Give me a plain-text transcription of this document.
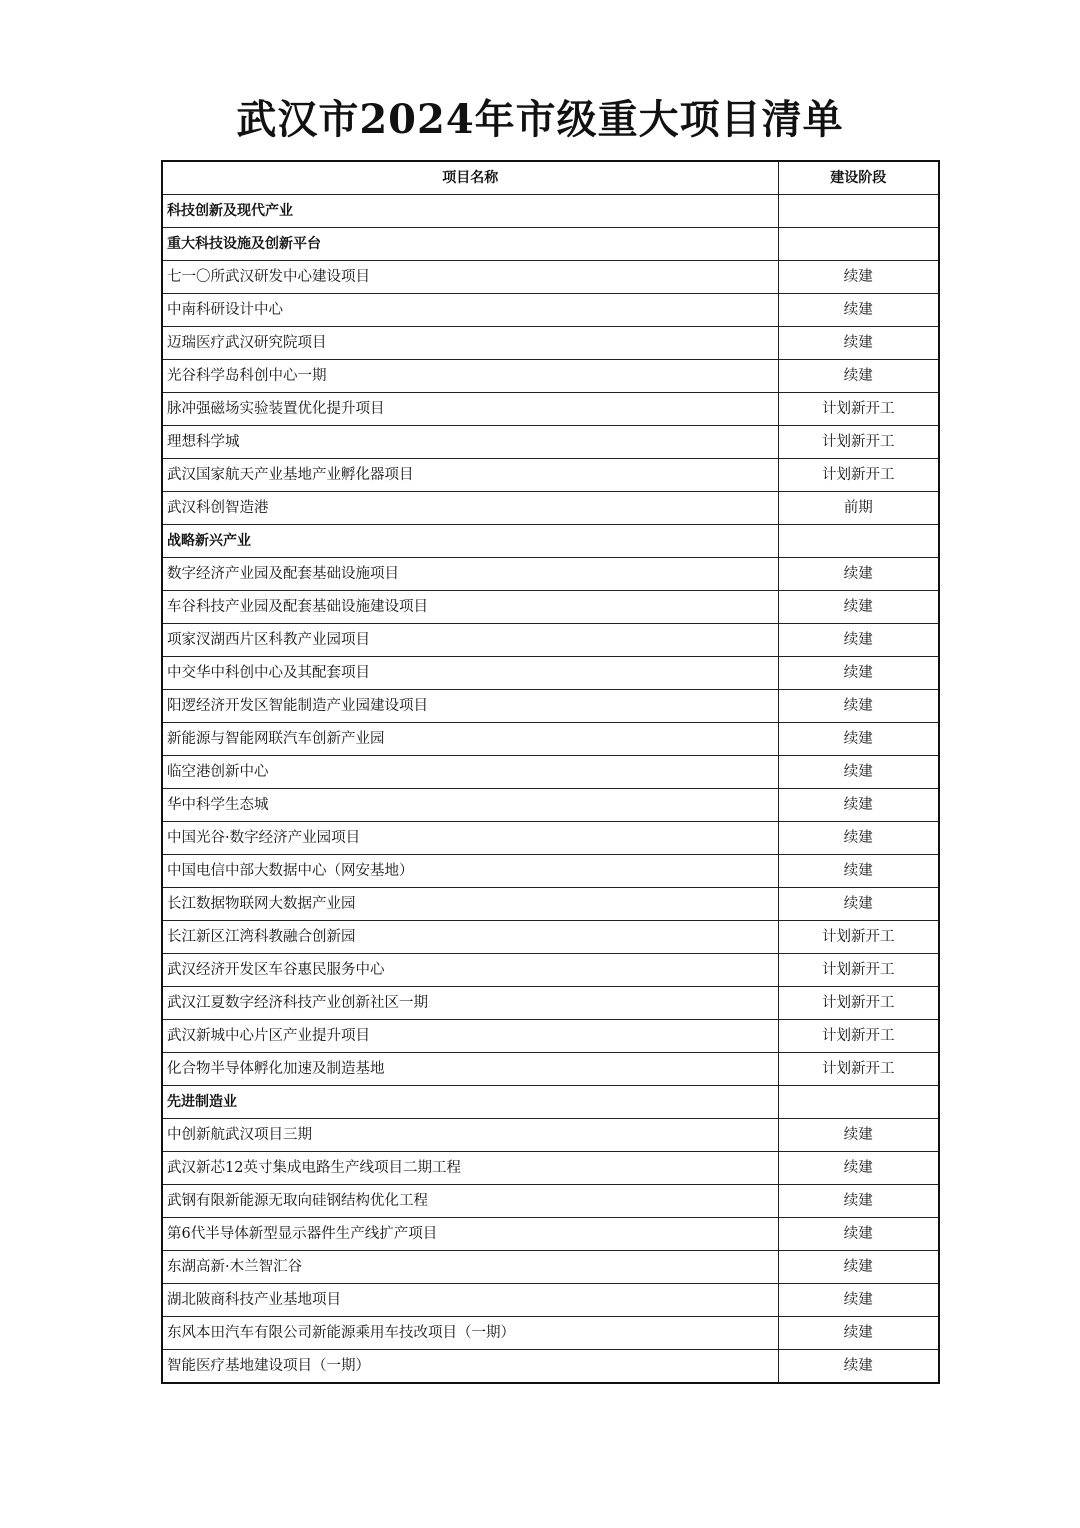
武汉市2024年市级重大项目清单
项目名称	建设阶段
科技创新及现代产业	
重大科技设施及创新平台	
七一〇所武汉研发中心建设项目	续建
中南科研设计中心	续建
迈瑞医疗武汉研究院项目	续建
光谷科学岛科创中心一期	续建
脉冲强磁场实验装置优化提升项目	计划新开工
理想科学城	计划新开工
武汉国家航天产业基地产业孵化器项目	计划新开工
武汉科创智造港	前期
战略新兴产业	
数字经济产业园及配套基础设施项目	续建
车谷科技产业园及配套基础设施建设项目	续建
项家汊湖西片区科教产业园项目	续建
中交华中科创中心及其配套项目	续建
阳逻经济开发区智能制造产业园建设项目	续建
新能源与智能网联汽车创新产业园	续建
临空港创新中心	续建
华中科学生态城	续建
中国光谷·数字经济产业园项目	续建
中国电信中部大数据中心（网安基地）	续建
长江数据物联网大数据产业园	续建
长江新区江湾科教融合创新园	计划新开工
武汉经济开发区车谷惠民服务中心	计划新开工
武汉江夏数字经济科技产业创新社区一期	计划新开工
武汉新城中心片区产业提升项目	计划新开工
化合物半导体孵化加速及制造基地	计划新开工
先进制造业	
中创新航武汉项目三期	续建
武汉新芯12英寸集成电路生产线项目二期工程	续建
武钢有限新能源无取向硅钢结构优化工程	续建
第6代半导体新型显示器件生产线扩产项目	续建
东湖高新·木兰智汇谷	续建
湖北陂商科技产业基地项目	续建
东风本田汽车有限公司新能源乘用车技改项目（一期）	续建
智能医疗基地建设项目（一期）	续建
